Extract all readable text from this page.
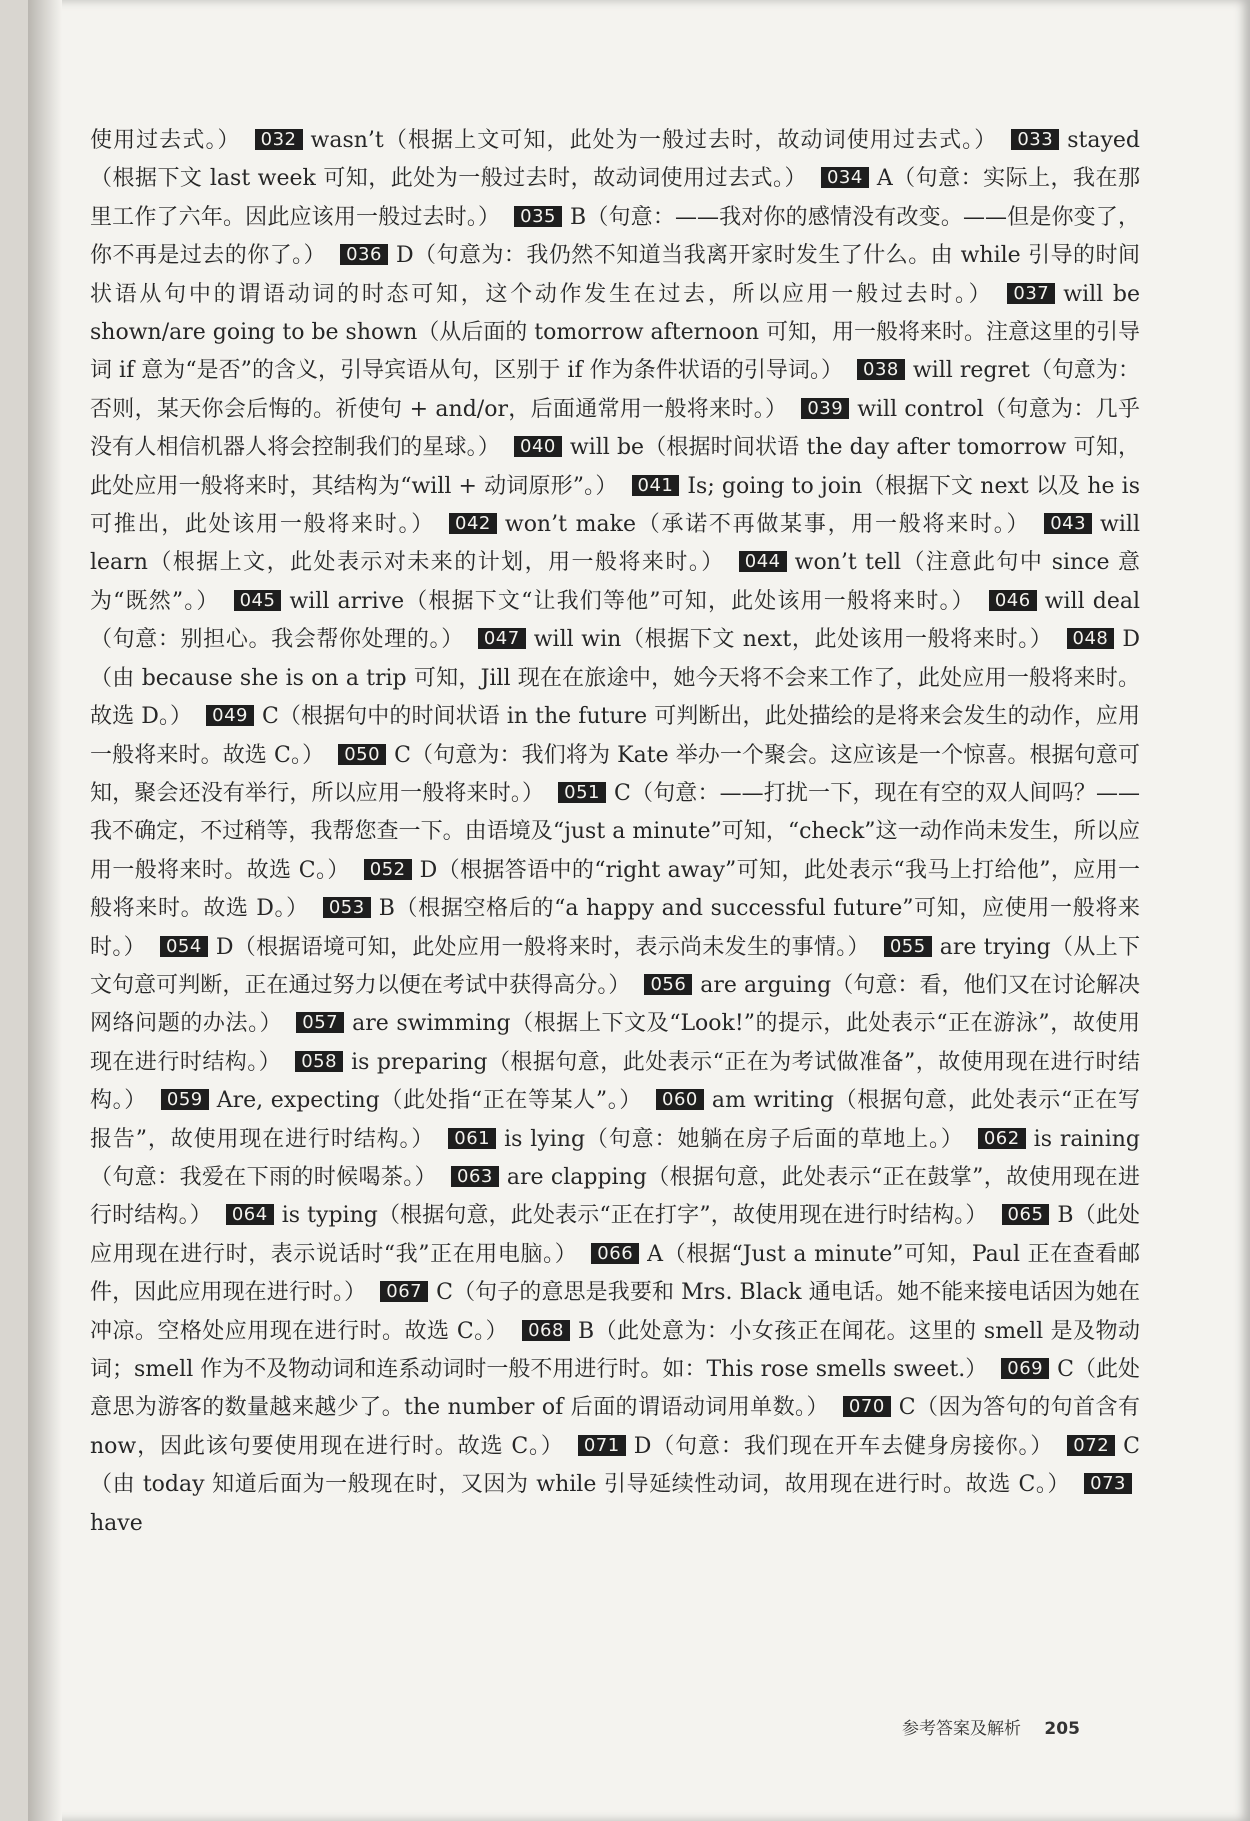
使用过去式。） 032 wasn’t（根据上文可知，此处为一般过去时，故动词使用过去式。） 033 stayed（根据下文 last week 可知，此处为一般过去时，故动词使用过去式。） 034 A（句意：实际上，我在那里工作了六年。因此应该用一般过去时。） 035 B（句意：——我对你的感情没有改变。——但是你变了，你不再是过去的你了。） 036 D（句意为：我仍然不知道当我离开家时发生了什么。由 while 引导的时间状语从句中的谓语动词的时态可知，这个动作发生在过去，所以应用一般过去时。） 037 will be shown/are going to be shown（从后面的 tomorrow afternoon 可知，用一般将来时。注意这里的引导词 if 意为“是否”的含义，引导宾语从句，区别于 if 作为条件状语的引导词。） 038 will regret（句意为：否则，某天你会后悔的。祈使句 + and/or，后面通常用一般将来时。） 039 will control（句意为：几乎没有人相信机器人将会控制我们的星球。） 040 will be（根据时间状语 the day after tomorrow 可知，此处应用一般将来时，其结构为“will + 动词原形”。） 041 Is; going to join（根据下文 next 以及 he is 可推出，此处该用一般将来时。） 042 won’t make（承诺不再做某事，用一般将来时。） 043 will learn（根据上文，此处表示对未来的计划，用一般将来时。） 044 won’t tell（注意此句中 since 意为“既然”。） 045 will arrive（根据下文“让我们等他”可知，此处该用一般将来时。） 046 will deal（句意：别担心。我会帮你处理的。） 047 will win（根据下文 next，此处该用一般将来时。） 048 D（由 because she is on a trip 可知，Jill 现在在旅途中，她今天将不会来工作了，此处应用一般将来时。故选 D。） 049 C（根据句中的时间状语 in the future 可判断出，此处描绘的是将来会发生的动作，应用一般将来时。故选 C。） 050 C（句意为：我们将为 Kate 举办一个聚会。这应该是一个惊喜。根据句意可知，聚会还没有举行，所以应用一般将来时。） 051 C（句意：——打扰一下，现在有空的双人间吗？——我不确定，不过稍等，我帮您查一下。由语境及“just a minute”可知，“check”这一动作尚未发生，所以应用一般将来时。故选 C。） 052 D（根据答语中的“right away”可知，此处表示“我马上打给他”，应用一般将来时。故选 D。） 053 B（根据空格后的“a happy and successful future”可知，应使用一般将来时。） 054 D（根据语境可知，此处应用一般将来时，表示尚未发生的事情。） 055 are trying（从上下文句意可判断，正在通过努力以便在考试中获得高分。） 056 are arguing（句意：看，他们又在讨论解决网络问题的办法。） 057 are swimming（根据上下文及“Look!”的提示，此处表示“正在游泳”，故使用现在进行时结构。） 058 is preparing（根据句意，此处表示“正在为考试做准备”，故使用现在进行时结构。） 059 Are, expecting（此处指“正在等某人”。） 060 am writing（根据句意，此处表示“正在写报告”，故使用现在进行时结构。） 061 is lying（句意：她躺在房子后面的草地上。） 062 is raining（句意：我爱在下雨的时候喝茶。） 063 are clapping（根据句意，此处表示“正在鼓掌”，故使用现在进行时结构。） 064 is typing（根据句意，此处表示“正在打字”，故使用现在进行时结构。） 065 B（此处应用现在进行时，表示说话时“我”正在用电脑。） 066 A（根据“Just a minute”可知，Paul 正在查看邮件，因此应用现在进行时。） 067 C（句子的意思是我要和 Mrs. Black 通电话。她不能来接电话因为她在冲凉。空格处应用现在进行时。故选 C。） 068 B（此处意为：小女孩正在闻花。这里的 smell 是及物动词；smell 作为不及物动词和连系动词时一般不用进行时。如：This rose smells sweet.） 069 C（此处意思为游客的数量越来越少了。the number of 后面的谓语动词用单数。） 070 C（因为答句的句首含有 now，因此该句要使用现在进行时。故选 C。） 071 D（句意：我们现在开车去健身房接你。） 072 C（由 today 知道后面为一般现在时，又因为 while 引导延续性动词，故用现在进行时。故选 C。） 073have
参考答案及解析 205
